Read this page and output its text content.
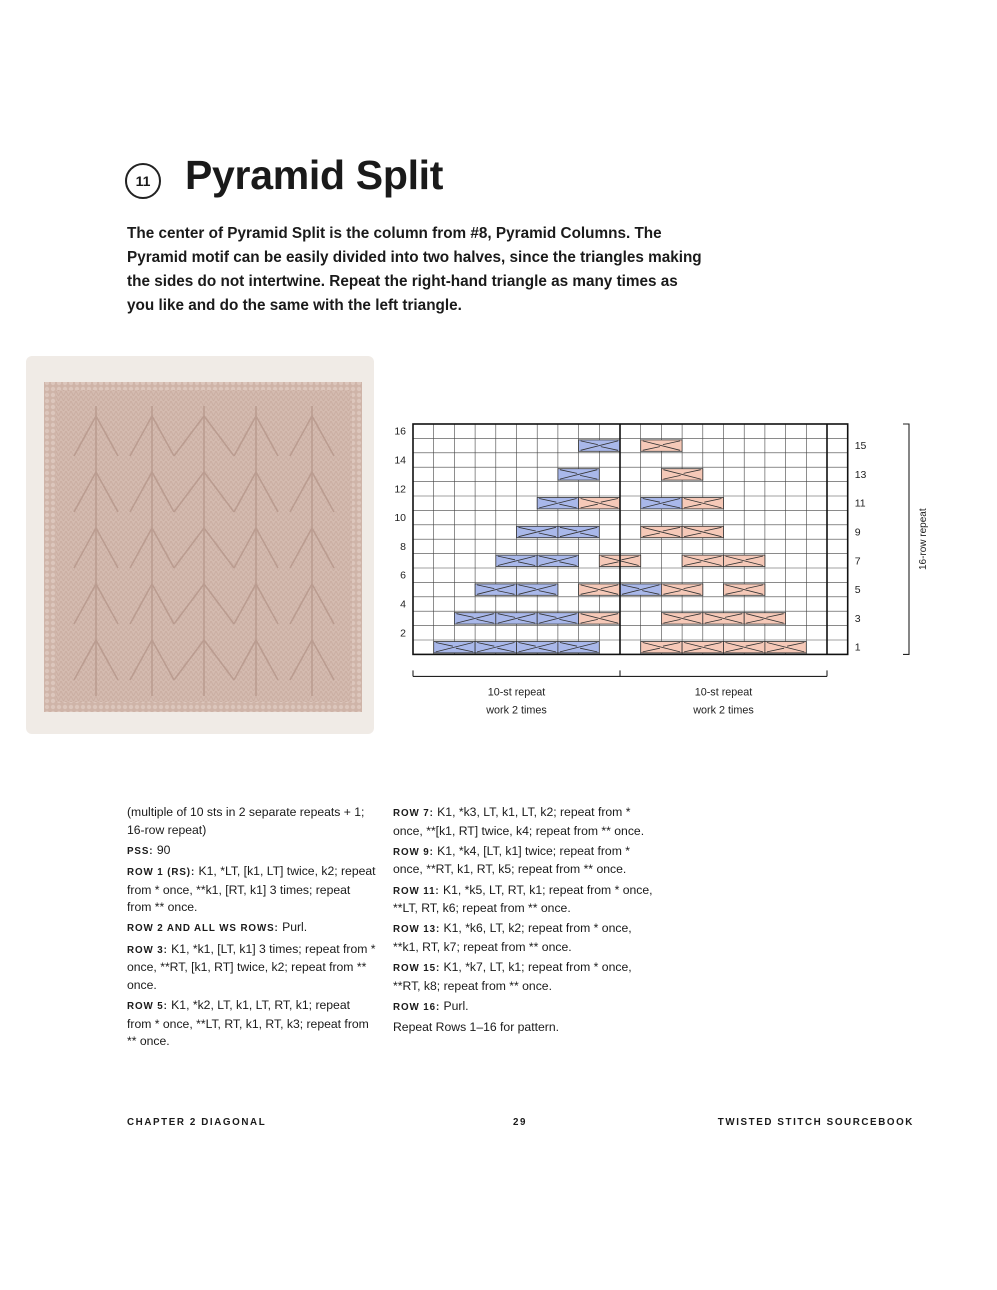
11 Pyramid Split

The center of Pyramid Split is the column from #8, Pyramid Columns. The Pyramid motif can be easily divided into two halves, since the triangles making the sides do not intertwine. Repeat the right-hand triangle as many times as you like and do the same with the left triangle.

2
4
6
8
10
12
14
16
1
3
5
7
9
11
13
15
16-row repeat
10-st repeat
work 2 times
10-st repeat
work 2 times

(multiple of 10 sts in 2 separate repeats + 1; 16-row repeat)

PSS: 90

ROW 1 (RS): K1, *LT, [k1, LT] twice, k2; repeat from * once, **k1, [RT, k1] 3 times; repeat from ** once.

ROW 2 AND ALL WS ROWS: Purl.

ROW 3: K1, *k1, [LT, k1] 3 times; repeat from * once, **RT, [k1, RT] twice, k2; repeat from ** once.

ROW 5: K1, *k2, LT, k1, LT, RT, k1; repeat from * once, **LT, RT, k1, RT, k3; repeat from ** once.

ROW 7: K1, *k3, LT, k1, LT, k2; repeat from * once, **[k1, RT] twice, k4; repeat from ** once.

ROW 9: K1, *k4, [LT, k1] twice; repeat from * once, **RT, k1, RT, k5; repeat from ** once.

ROW 11: K1, *k5, LT, RT, k1; repeat from * once, **LT, RT, k6; repeat from ** once.

ROW 13: K1, *k6, LT, k2; repeat from * once, **k1, RT, k7; repeat from ** once.

ROW 15: K1, *k7, LT, k1; repeat from * once, **RT, k8; repeat from ** once.

ROW 16: Purl.

Repeat Rows 1–16 for pattern.

CHAPTER 2 DIAGONAL	29	TWISTED STITCH SOURCEBOOK
